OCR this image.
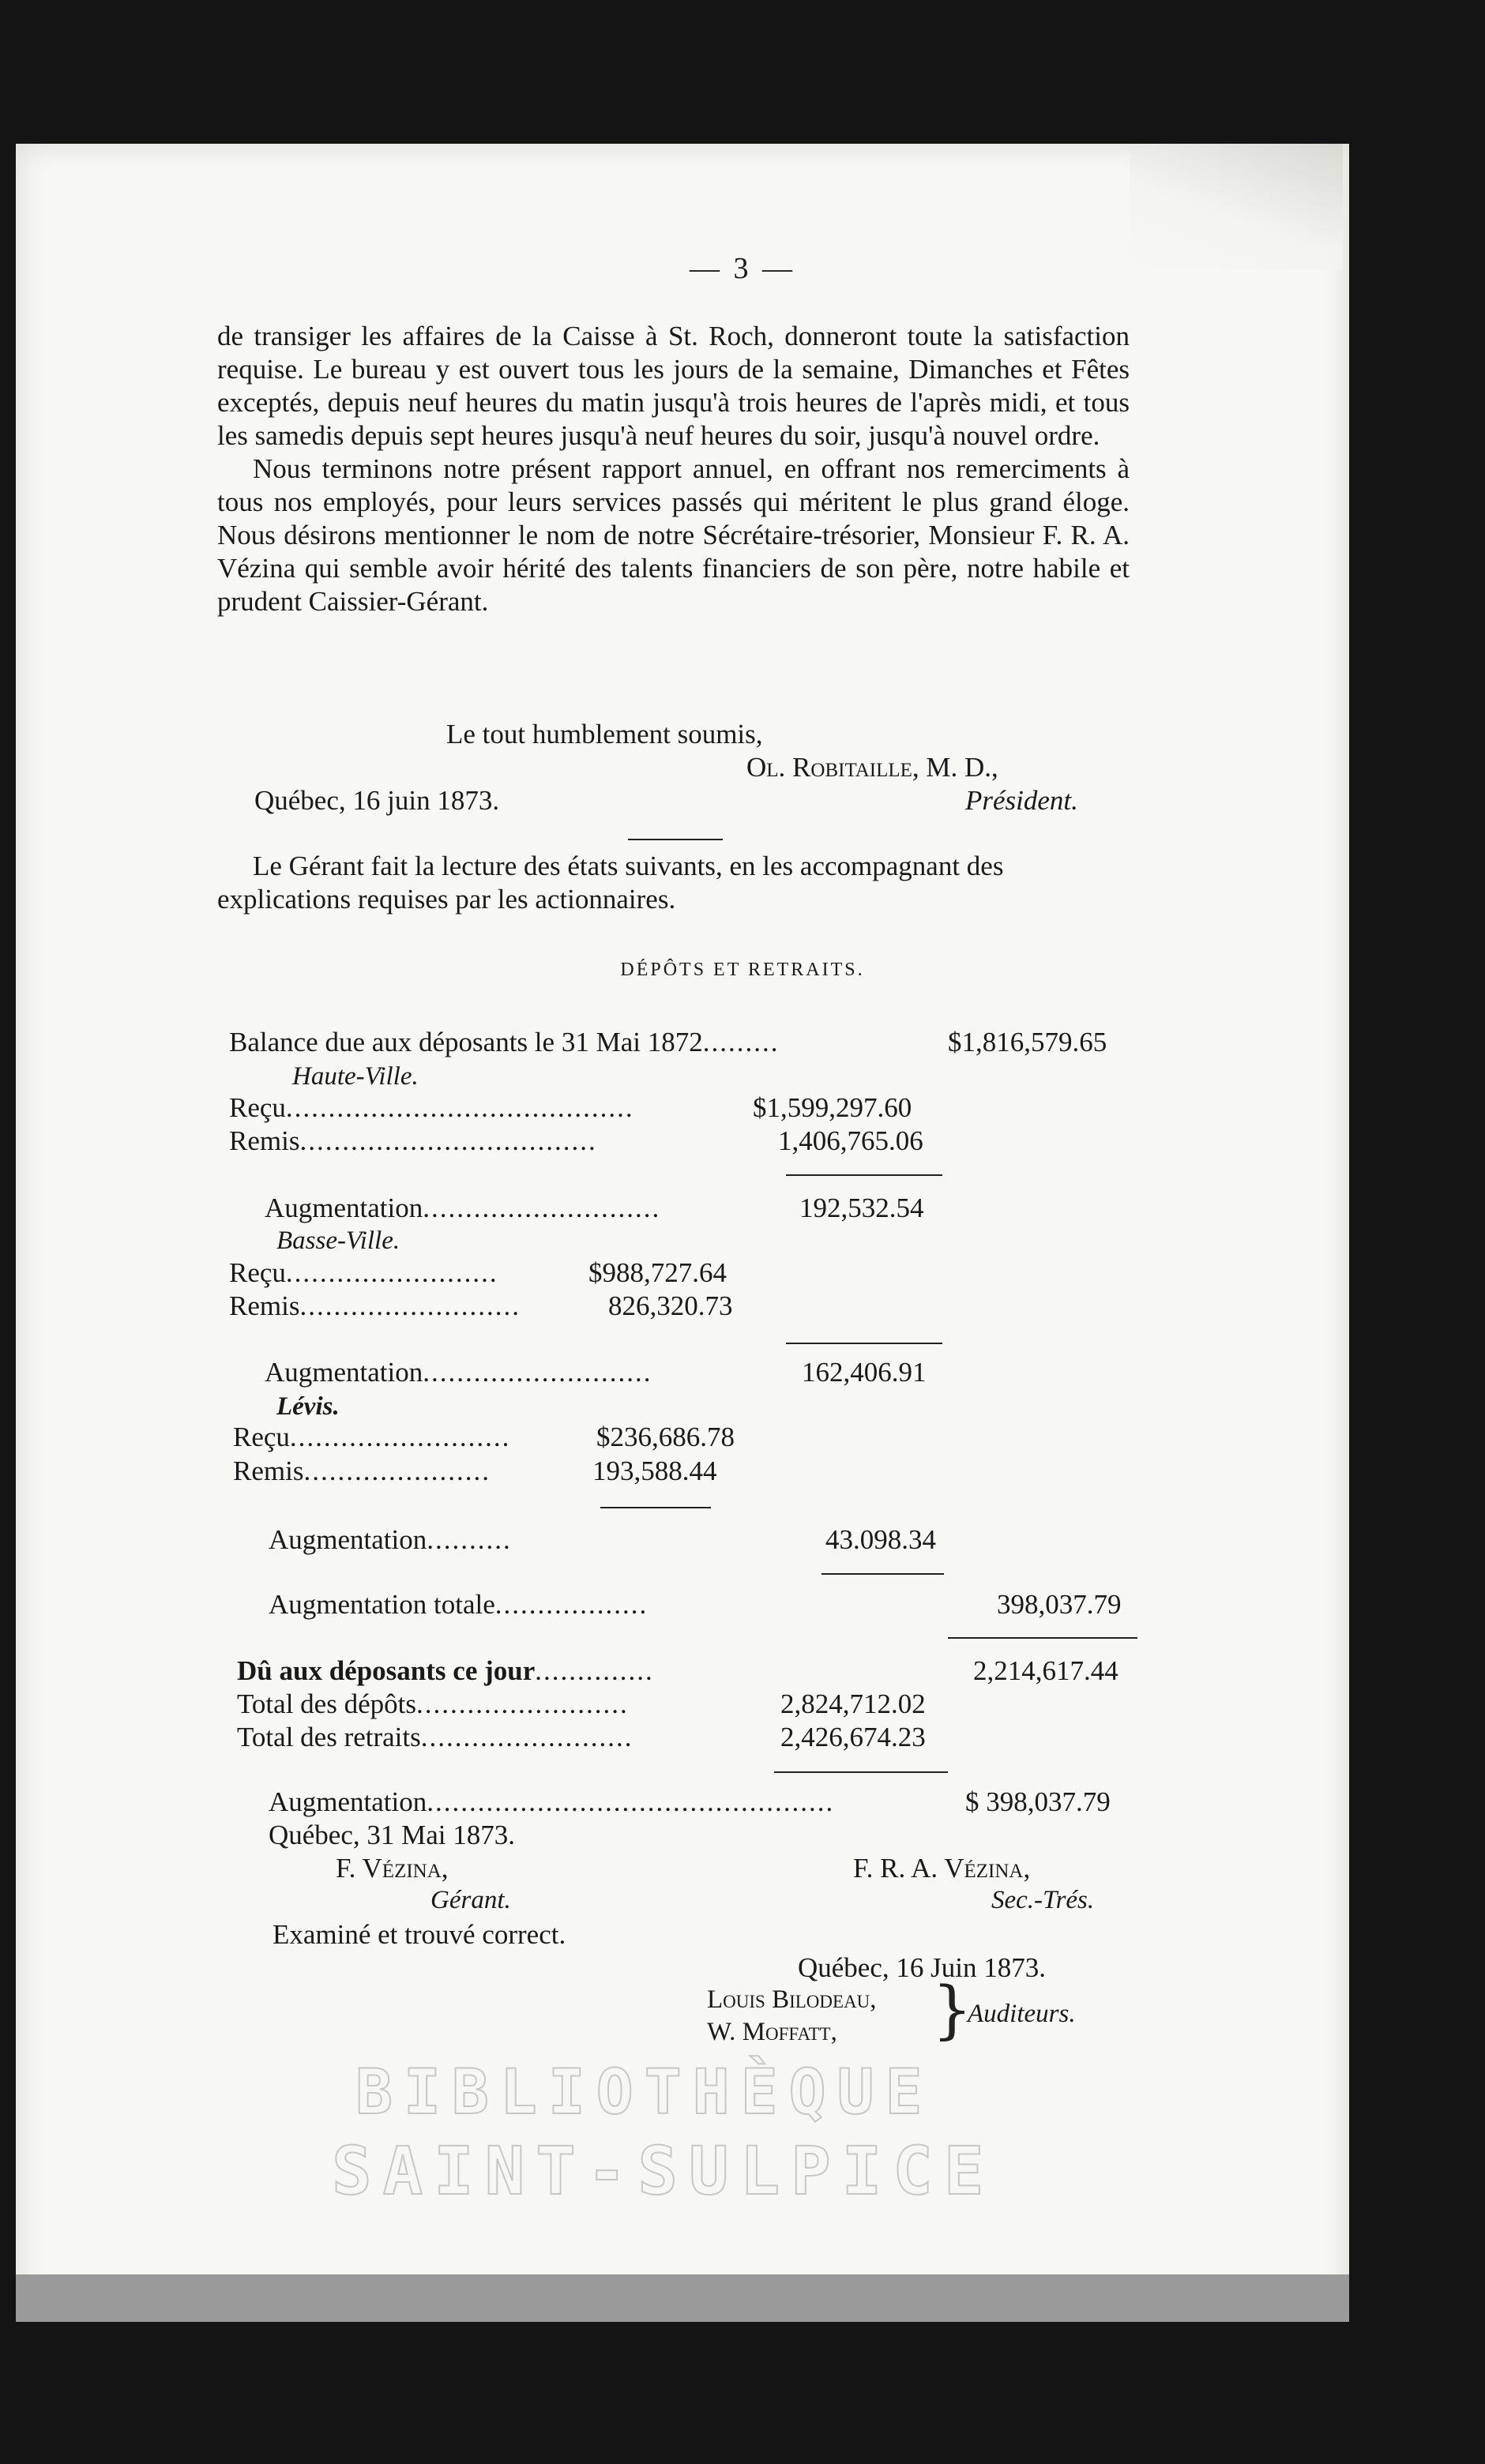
— 3 —

de transiger les affaires de la Caisse à St. Roch, donneront toute la satisfaction requise. Le bureau y est ouvert tous les jours de la semaine, Dimanches et Fêtes exceptés, depuis neuf heures du matin jusqu'à trois heures de l'après midi, et tous les samedis depuis sept heures jusqu'à neuf heures du soir, jusqu'à nouvel ordre.

Nous terminons notre présent rapport annuel, en offrant nos remerciments à tous nos employés, pour leurs services passés qui méritent le plus grand éloge. Nous désirons mentionner le nom de notre Sécrétaire-trésorier, Monsieur F. R. A. Vézina qui semble avoir hérité des talents financiers de son père, notre habile et prudent Caissier-Gérant.

Le tout humblement soumis,
Ol. Robitaille, M. D.,
Québec, 16 juin 1873.	Président.
Le Gérant fait la lecture des états suivants, en les accompagnant des explications requises par les actionnaires.
DÉPÔTS ET RETRAITS.
Balance due aux déposants le 31 Mai 1872.........	$1,816,579.65
Haute-Ville.
Reçu.........................................	$1,599,297.60
Remis...................................	1,406,765.06
Augmentation............................	192,532.54
Basse-Ville.
Reçu.........................	$988,727.64
Remis..........................	826,320.73
Augmentation...........................	162,406.91
Lévis.
Reçu..........................	$236,686.78
Remis......................	193,588.44
Augmentation..........	43.098.34
Augmentation totale..................	398,037.79
Dû aux déposants ce jour..............	2,214,617.44
Total des dépôts.........................	2,824,712.02
Total des retraits.........................	2,426,674.23
Augmentation................................................	$ 398,037.79
Québec, 31 Mai 1873.
F. Vézina,	F. R. A. Vézina,
Gérant.	Sec.-Trés.
Examiné et trouvé correct.
Québec, 16 Juin 1873.
Louis Bilodeau,
W. Moffatt, }
Auditeurs.
BIBLIOTHÈQUE
SAINT-SULPICE
